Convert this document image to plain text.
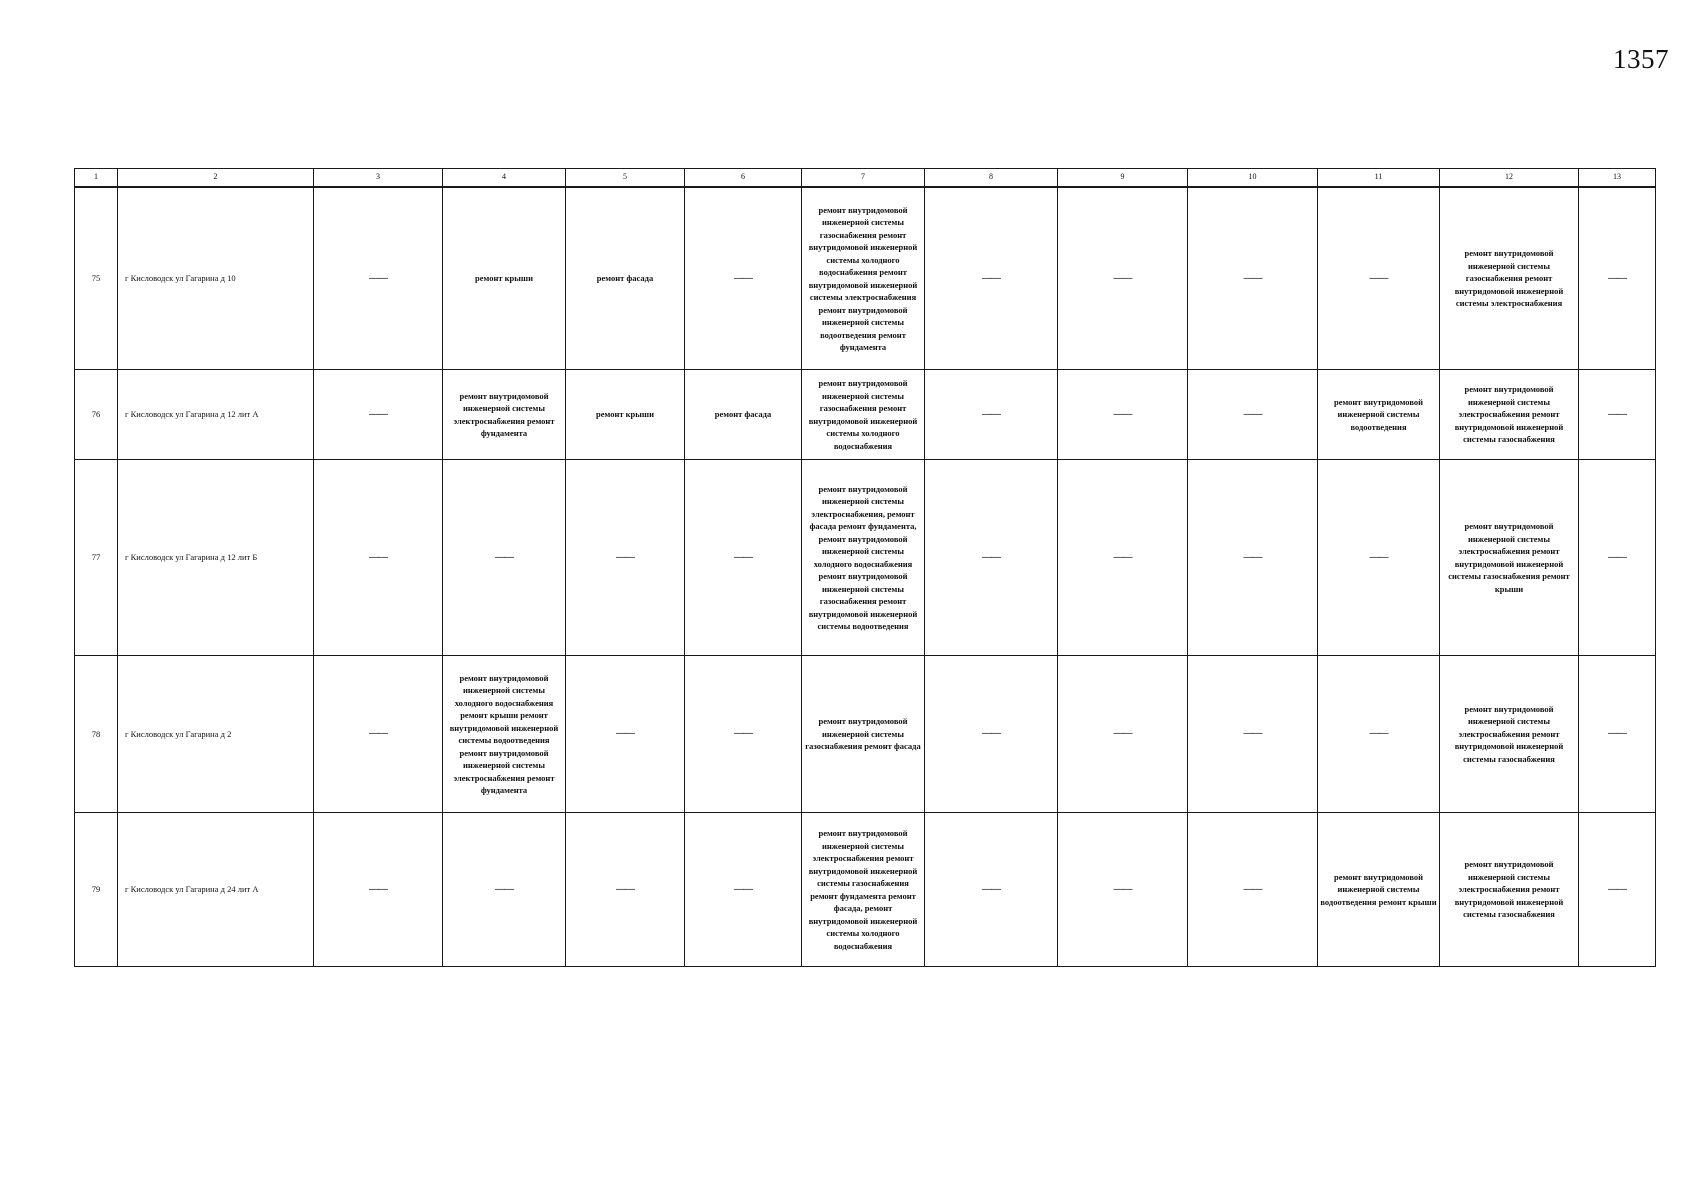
1357
1	2	3	4	5	6	7	8	9	10	11	12	13
75	г Кисловодск ул Гагарина д 10	——	ремонт крыши	ремонт фасада	——	ремонт внутридомовой инженерной системы газоснабжения ремонт внутридомовой инженерной системы холодного водоснабжения ремонт внутридомовой инженерной системы электроснабжения ремонт внутридомовой инженерной системы водоотведения ремонт фундамента	——	——	——	——	ремонт внутридомовой инженерной системы газоснабжения ремонт внутридомовой инженерной системы электроснабжения	——
76	г Кисловодск ул Гагарина д 12 лит А	——	ремонт внутридомовой инженерной системы электроснабжения ремонт фундамента	ремонт крыши	ремонт фасада	ремонт внутридомовой инженерной системы газоснабжения ремонт внутридомовой инженерной системы холодного водоснабжения	——	——	——	ремонт внутридомовой инженерной системы водоотведения	ремонт внутридомовой инженерной системы электроснабжения ремонт внутридомовой инженерной системы газоснабжения	——
77	г Кисловодск ул Гагарина д 12 лит Б	——	——	——	——	ремонт внутридомовой инженерной системы электроснабжения, ремонт фасада ремонт фундамента, ремонт внутридомовой инженерной системы холодного водоснабжения ремонт внутридомовой инженерной системы газоснабжения ремонт внутридомовой инженерной системы водоотведения	——	——	——	——	ремонт внутридомовой инженерной системы электроснабжения ремонт внутридомовой инженерной системы газоснабжения ремонт крыши	——
78	г Кисловодск ул Гагарина д 2	——	ремонт внутридомовой инженерной системы холодного водоснабжения ремонт крыши ремонт внутридомовой инженерной системы водоотведения ремонт внутридомовой инженерной системы электроснабжения ремонт фундамента	——	——	ремонт внутридомовой инженерной системы газоснабжения ремонт фасада	——	——	——	——	ремонт внутридомовой инженерной системы электроснабжения ремонт внутридомовой инженерной системы газоснабжения	——
79	г Кисловодск ул Гагарина д 24 лит А	——	——	——	——	ремонт внутридомовой инженерной системы электроснабжения ремонт внутридомовой инженерной системы газоснабжения ремонт фундамента ремонт фасада, ремонт внутридомовой инженерной системы холодного водоснабжения	——	——	——	ремонт внутридомовой инженерной системы водоотведения ремонт крыши	ремонт внутридомовой инженерной системы электроснабжения ремонт внутридомовой инженерной системы газоснабжения	——
